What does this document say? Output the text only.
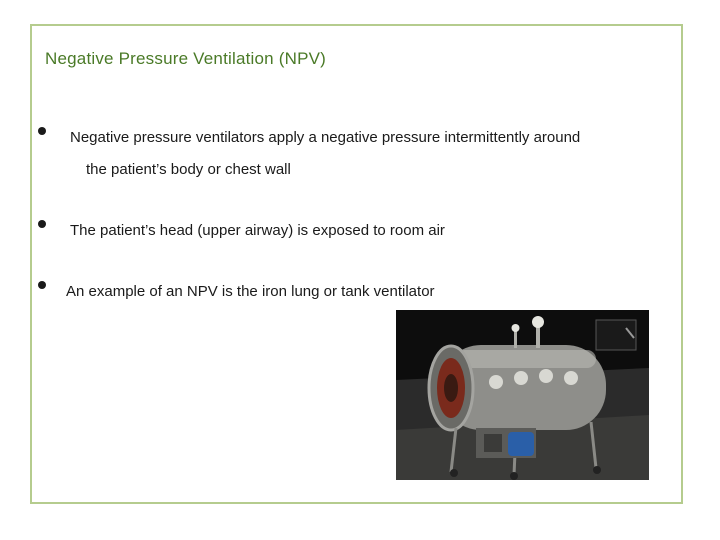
Negative Pressure Ventilation (NPV)
Negative pressure ventilators apply a negative pressure intermittently around
the patient’s body or chest wall
The patient’s head (upper airway) is exposed to room air
An example of an NPV is the iron lung or tank ventilator
